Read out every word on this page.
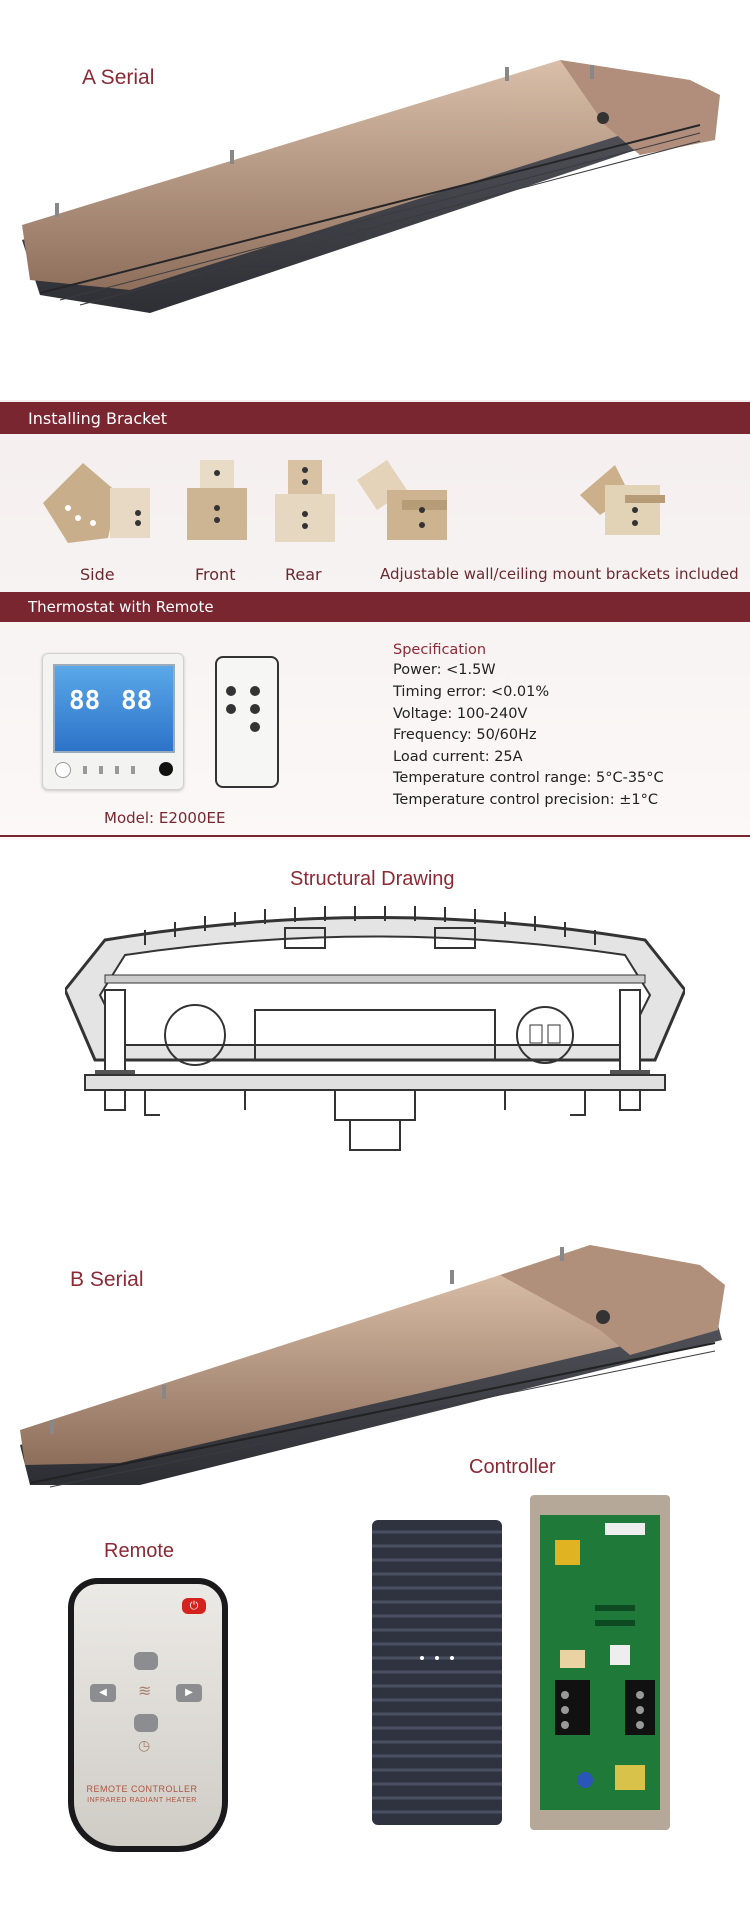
A Serial
Installing Bracket
Side	Front	Rear	Adjustable wall/ceiling mount brackets included
Thermostat with Remote
88 88
Model: E2000EE
Specification
Power: <1.5W
Timing error: <0.01%
Voltage: 100-240V
Frequency: 50/60Hz
Load current: 25A
Temperature control range: 5°C-35°C
Temperature control precision: ±1°C
Structural Drawing
B Serial
Controller
Remote
⏻
◀	≋	▶
◷
REMOTE CONTROLLER
INFRARED RADIANT HEATER
